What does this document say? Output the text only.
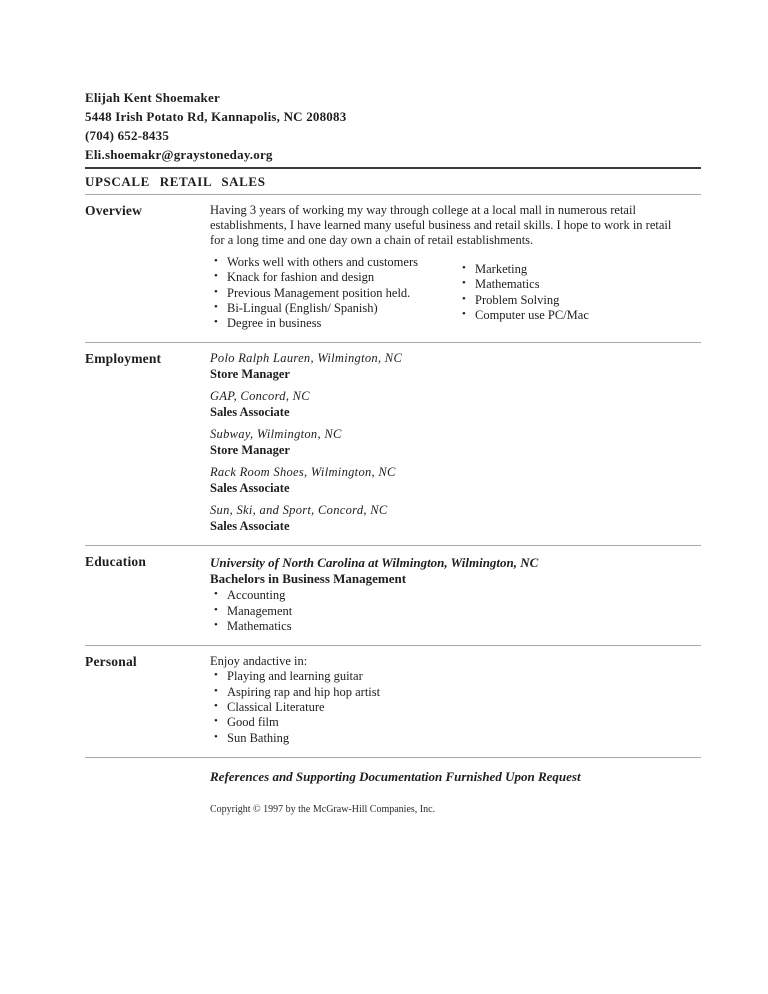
Elijah Kent Shoemaker
5448 Irish Potato Rd, Kannapolis, NC 208083
(704) 652-8435
Eli.shoemakr@graystoneday.org
UPSCALE RETAIL SALES
Overview	Having 3 years of working my way through college at a local mall in numerous retail establishments, I have learned many useful business and retail skills. I hope to work in retail for a long time and one day own a chain of retail establishments.
• Works well with others and customers
• Knack for fashion and design
• Previous Management position held.
• Bi-Lingual (English/ Spanish)
• Degree in business
• Marketing
• Mathematics
• Problem Solving
• Computer use PC/Mac
Employment	Polo Ralph Lauren, Wilmington, NC
Store Manager
GAP, Concord, NC
Sales Associate
Subway, Wilmington, NC
Store Manager
Rack Room Shoes, Wilmington, NC
Sales Associate
Sun, Ski, and Sport, Concord, NC
Sales Associate
Education	University of North Carolina at Wilmington, Wilmington, NC
Bachelors in Business Management
• Accounting
• Management
• Mathematics
Personal	Enjoy andactive in:
• Playing and learning guitar
• Aspiring rap and hip hop artist
• Classical Literature
• Good film
• Sun Bathing
References and Supporting Documentation Furnished Upon Request
Copyright © 1997 by the McGraw-Hill Companies, Inc.
